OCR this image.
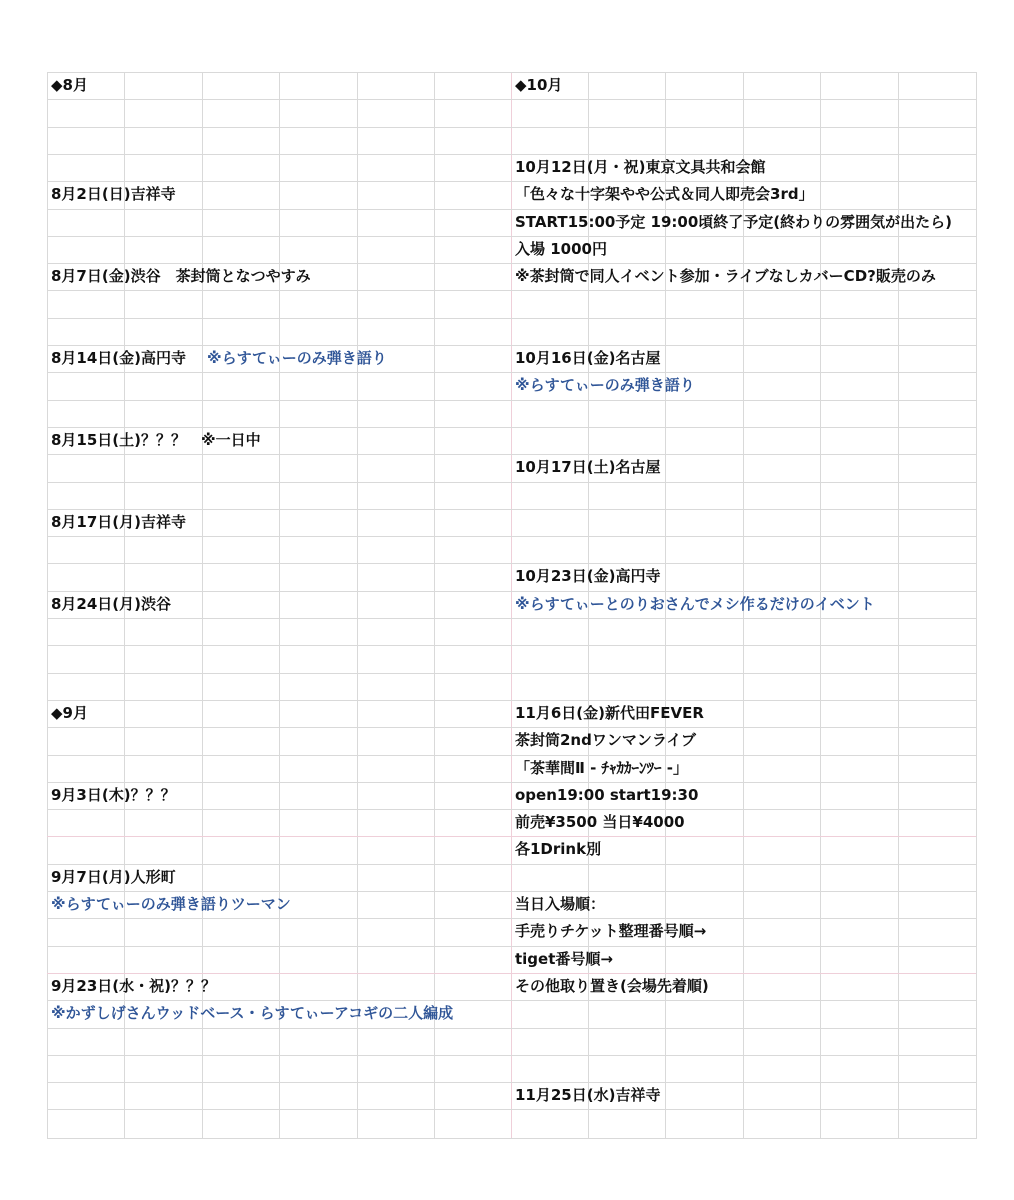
◆8月
8月2日(日)吉祥寺
8月7日(金)渋谷　茶封筒となつやすみ
8月14日(金)高円寺
8月15日(土)？？？　※一日中
8月17日(月)吉祥寺
8月24日(月)渋谷
◆9月
9月3日(木)？？？
9月7日(月)人形町
※らすてぃーのみ弾き語りツーマン
9月23日(水・祝)？？？
※かずしげさんウッドベース・らすてぃーアコギの二人編成
◆10月
10月12日(月・祝)東京文具共和会館
「色々な十字架やや公式＆同人即売会3rd」
START15:00予定 19:00頃終了予定(終わりの雰囲気が出たら)
入場 1000円
※茶封筒で同人イベント参加・ライブなしカバーCD?販売のみ
10月16日(金)名古屋
※らすてぃーのみ弾き語り
10月17日(土)名古屋
10月23日(金)高円寺
※らすてぃーとのりおさんでメシ作るだけのイベント
11月6日(金)新代田FEVER
茶封筒2ndワンマンライブ
「茶華間Ⅱ - ﾁｬｶｶｰﾝﾂｰ -」
open19:00 start19:30
前売¥3500 当日¥4000
各1Drink別
当日入場順：
手売りチケット整理番号順→
tiget番号順→
その他取り置き(会場先着順)
11月25日(水)吉祥寺
※らすてぃーのみ弾き語り
